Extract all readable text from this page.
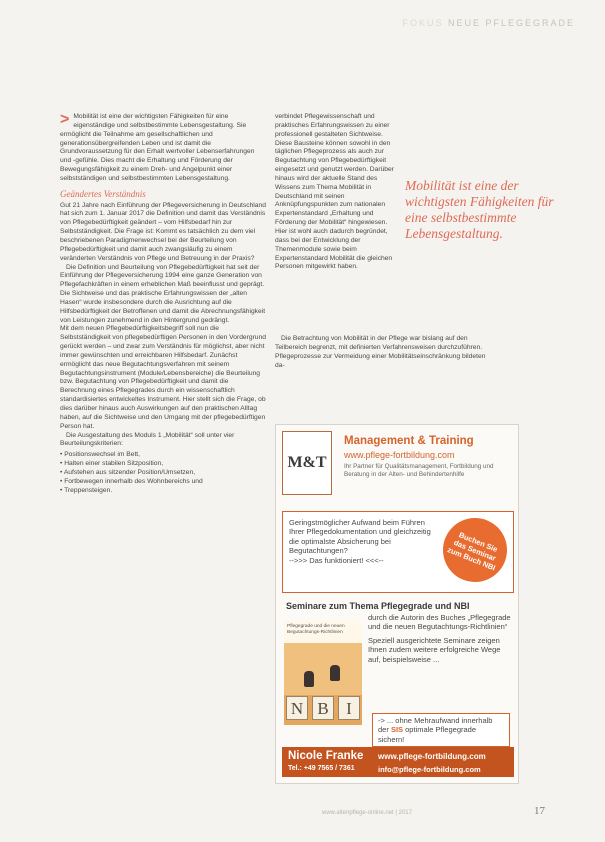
FOKUS NEUE PFLEGEGRADE
> Mobilität ist eine der wichtigsten Fähigkeiten für eine eigenständige und selbstbestimmte Lebensgestaltung. Sie ermöglicht die Teilnahme am gesellschaftlichen und generationsübergreifenden Leben und ist damit die Grundvoraussetzung für den Erhalt wertvoller Lebenserfahrungen und -gefühle. Dies macht die Erhaltung und Förderung der Bewegungsfähigkeit zu einem Dreh- und Angelpunkt einer selbstständigen und selbstbestimmten Lebensgestaltung.

Geändertes Verständnis

Gut 21 Jahre nach Einführung der Pflegeversicherung in Deutschland hat sich zum 1. Januar 2017 die Definition und damit das Verständnis von Pflegebedürftigkeit geändert – vom Hilfsbedarf hin zur Selbstständigkeit. Die Frage ist: Kommt es tatsächlich zu dem viel beschriebenen Paradigmenwechsel bei der Beurteilung von Pflegebedürftigkeit und damit auch zwangsläufig zu einem veränderten Verständnis von Pflege und Betreuung in der Praxis?

Die Definition und Beurteilung von Pflegebedürftigkeit hat seit der Einführung der Pflegeversicherung 1994 eine ganze Generation von Pflegefachkräften in einem erheblichen Maß beeinflusst und geprägt. Die Sichtweise und das praktische Erfahrungswissen der „alten Hasen“ wurde insbesondere durch die Ausrichtung auf die Hilfsbedürftigkeit der Betroffenen und damit die Abrechnungsfähigkeit von Leistungen zunehmend in den Hintergrund gedrängt.

Mit dem neuen Pflegebedürftigkeitsbegriff soll nun die Selbstständigkeit von pflegebedürftigen Personen in den Vordergrund gerückt werden – und zwar zum Verständnis für möglichst, aber nicht immer gewünschten und erreichbaren Hilfsbedarf. Zunächst ermöglicht das neue Begutachtungsverfahren mit seinem Begutachtungsinstrument (Module/Lebensbereiche) die Beurteilung bzw. Begutachtung von Pflegebedürftigkeit und damit die Berechnung eines Pflegegrades durch ein wissenschaftlich standardisiertes entwickeltes Instrument. Hier stellt sich die Frage, ob dies darüber hinaus auch Auswirkungen auf den praktischen Alltag haben, auf die Sichtweise und den Umgang mit der pflegebedürftigen Person hat.

Die Ausgestaltung des Moduls 1 „Mobilität“ soll unter vier Beurteilungskriterien:

• Positionswechsel im Bett,
• Halten einer stabilen Sitzposition,
• Aufstehen aus sitzender Position/Umsetzen,
• Fortbewegen innerhalb des Wohnbereichs und
• Treppensteigen.

verbindet Pflegewissenschaft und praktisches Erfahrungswissen zu einer professionell gestalteten Sichtweise. Diese Bausteine können sowohl in den täglichen Pflegeprozess als auch zur Begutachtung von Pflegebedürftigkeit eingesetzt und genutzt werden. Darüber hinaus wird der aktuelle Stand des Wissens zum Thema Mobilität in Deutschland mit seinen Anknüpfungspunkten zum nationalen Expertenstandard „Erhaltung und Förderung der Mobilität“ hingewiesen. Hier ist wohl auch dadurch begründet, dass bei der Entwicklung der Themenmodule sowie beim Expertenstandard Mobilität die gleichen Personen mitgewirkt haben.

Die Betrachtung von Mobilität in der Pflege war bislang auf den Teilbereich begrenzt, mit definierten Verfahrensweisen durchzuführen. Pflegeprozesse zur Vermeidung einer Mobilitätseinschränkung bildeten da-

Mobilität ist eine der wichtigsten Fähigkeiten für eine selbstbestimmte Lebensgestaltung.
M&T
Management & Training
www.pflege-fortbildung.com
Ihr Partner für Qualitätsmanagement, Fortbildung und Beratung in der Alten- und Behindertenhilfe
Geringstmöglicher Aufwand beim Führen Ihrer Pflegedokumentation und gleichzeitig die optimalste Absicherung bei Begutachtungen?
-->>> Das funktioniert! <<<--
Buchen Sie das Seminar zum Buch NBI
Seminare zum Thema Pflegegrade und NBI
Pflegegrade und die neuen Begutachtungs-Richtlinien
N B	I
durch die Autorin des Buches „Pflegegrade und die neuen Begutachtungs-Richtlinien“
Speziell ausgerichtete Seminare zeigen Ihnen zudem weitere erfolgreiche Wege auf, beispielsweise ...
-> ... ohne Mehraufwand innerhalb der SIS optimale Pflegegrade sichern!
Nicole Franke www.pflege-fortbildung.com
Tel.: +49 7565 / 7361	info@pflege-fortbildung.com
www.altenpflege-online.net | 2017	17
